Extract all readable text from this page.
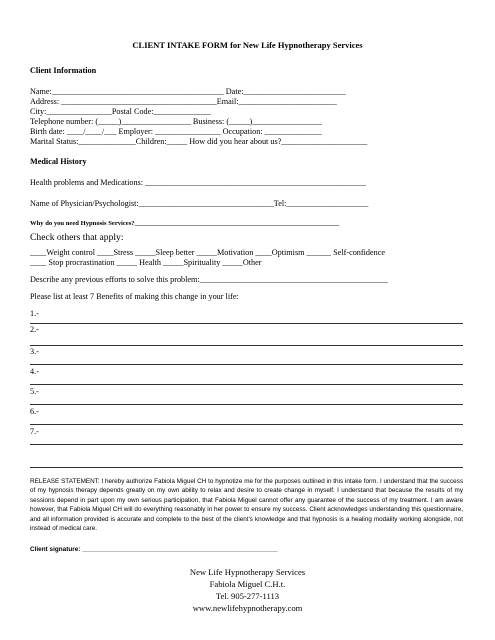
CLIENT INTAKE FORM for New Life Hypnotherapy Services
Client Information
Name:__________________________________________ Date:_________________________
Address: ______________________________________Email:________________________
City:________________Postal Code:______________
Telephone number: (_____)_________________ Business: (_____)_________________
Birth date: ____/____/___ Employer: ________________ Occupation: ______________
Marital Status:______________Children:_____ How did you hear about us?_____________________
Medical History
Health problems and Medications: ______________________________________________________
Name of Physician/Psychologist:_________________________________Tel:____________________
Why do you need Hypnosis Services?______________________________________________________________
Check others that apply:
____Weight control ____Stress _____Sleep better _____Motivation ____Optimism ______ Self-confidence
____ Stop procrastination _____ Health _____Spirituality _____Other
Describe any previous efforts to solve this problem:______________________________________________
Please list at least 7 Benefits of making this change in your life:
1.-
2.-
3.-
4.-
5.-
6.-
7.-
RELEASE STATEMENT: I hereby authorize Fabiola Miguel CH to hypnotize me for the purposes outlined in this intake form. I understand that the success of my hypnosis therapy depends greatly on my own ability to relax and desire to create change in myself. I understand that because the results of my sessions depend in part upon my own serious participation, that Fabiola Miguel cannot offer any guarantee of the success of my treatment. I am aware however, that Fabiola Miguel CH will do everything reasonably in her power to ensure my success. Client acknowledges understanding this questionnaire, and all information provided is accurate and complete to the best of the client's knowledge and that hypnosis is a healing modality working alongside, not instead of medical care.
Client signature: _______________________________________________________
New Life Hypnotherapy Services
Fabiola Miguel C.H.t.
Tel. 905-277-1113
www.newlifehypnotherapy.com
